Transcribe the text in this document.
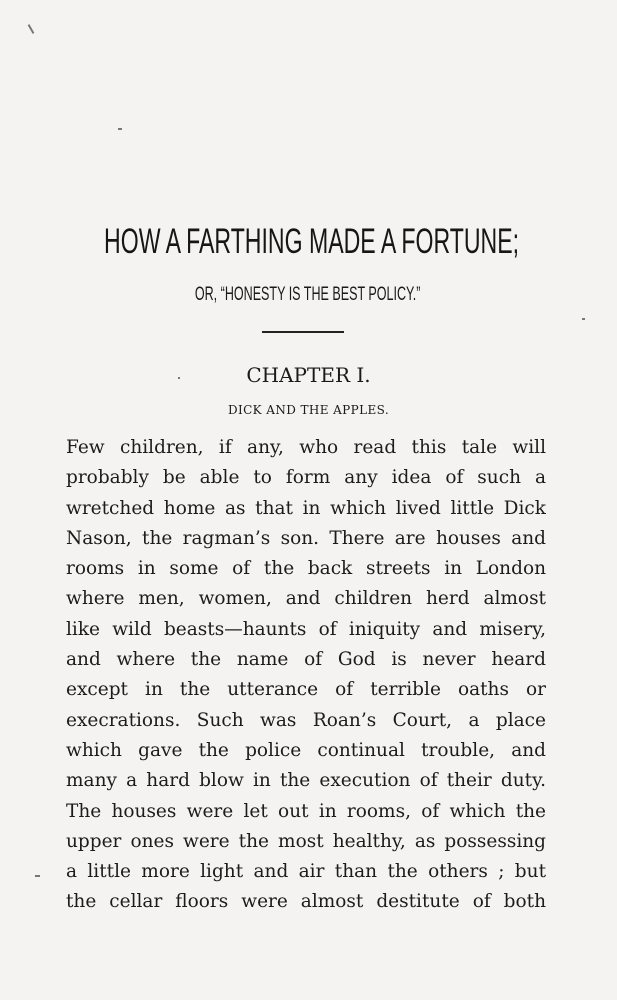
HOW A FARTHING MADE A FORTUNE;
OR, “HONESTY IS THE BEST POLICY.”
CHAPTER I.
DICK AND THE APPLES.
Few children, if any, who read this tale will
probably be able to form any idea of such a
wretched home as that in which lived little Dick
Nason, the ragman’s son. There are houses and
rooms in some of the back streets in London
where men, women, and children herd almost
like wild beasts—haunts of iniquity and misery,
and where the name of God is never heard
except in the utterance of terrible oaths or
execrations. Such was Roan’s Court, a place
which gave the police continual trouble, and
many a hard blow in the execution of their duty.
The houses were let out in rooms, of which the
upper ones were the most healthy, as possessing
a little more light and air than the others ; but
the cellar floors were almost destitute of both
